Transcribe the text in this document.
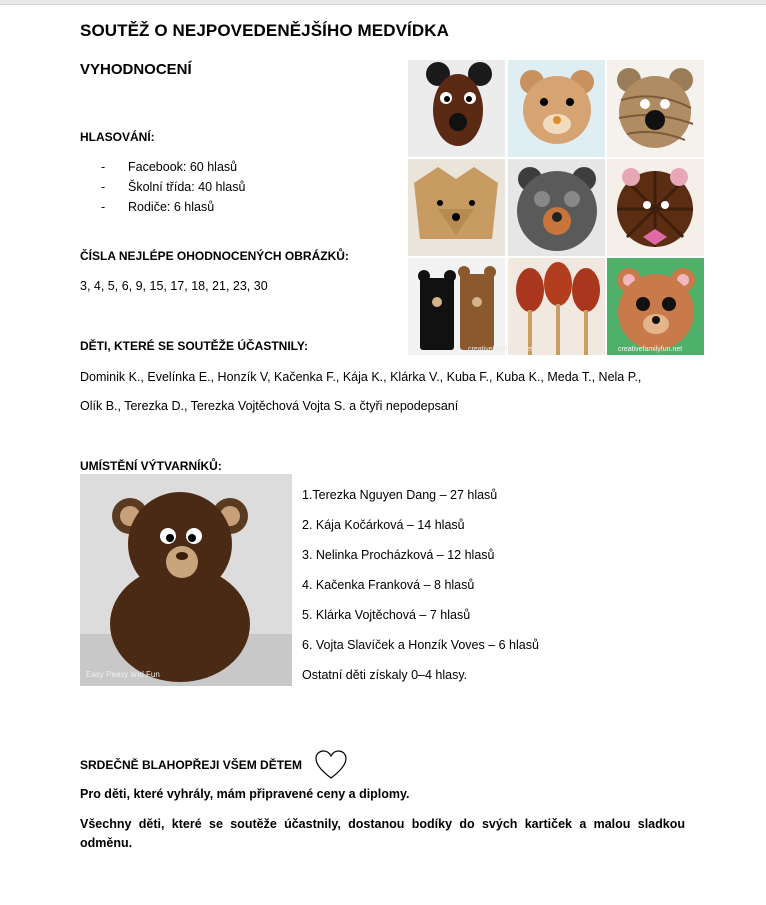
SOUTĚŽ O NEJPOVEDENĚJŠÍHO MEDVÍDKA
VYHODNOCENÍ
HLASOVÁNÍ:
- Facebook: 60 hlasů
- Školní třída: 40 hlasů
- Rodiče: 6 hlasů
ČÍSLA NEJLÉPE OHODNOCENÝCH OBRÁZKŮ:
3, 4, 5, 6, 9, 15, 17, 18, 21, 23, 30
DĚTI, KTERÉ SE SOUTĚŽE ÚČASTNILY:
Dominik K., Evelínka E., Honzík V, Kačenka F., Kája K., Klárka V., Kuba F., Kuba K., Meda T., Nela P.,
Olík B., Terezka D., Terezka Vojtěchová Vojta S. a čtyři nepodepsaní
creativefamilyfun.net	creativefamilyfun.net
UMÍSTĚNÍ VÝTVARNÍKŮ:
Easy Peasy and Fun
1.Terezka Nguyen Dang – 27 hlasů
2. Kája Kočárková – 14 hlasů
3. Nelinka Procházková – 12 hlasů
4. Kačenka Franková – 8 hlasů
5. Klárka Vojtěchová – 7 hlasů
6. Vojta Slavíček a Honzík Voves – 6 hlasů
Ostatní děti získaly 0–4 hlasy.
SRDEČNĚ BLAHOPŘEJI VŠEM DĚTEM
Pro děti, které vyhrály, mám připravené ceny a diplomy.
Všechny děti, které se soutěže účastnily, dostanou bodíky do svých kartiček a malou sladkou
odměnu.
